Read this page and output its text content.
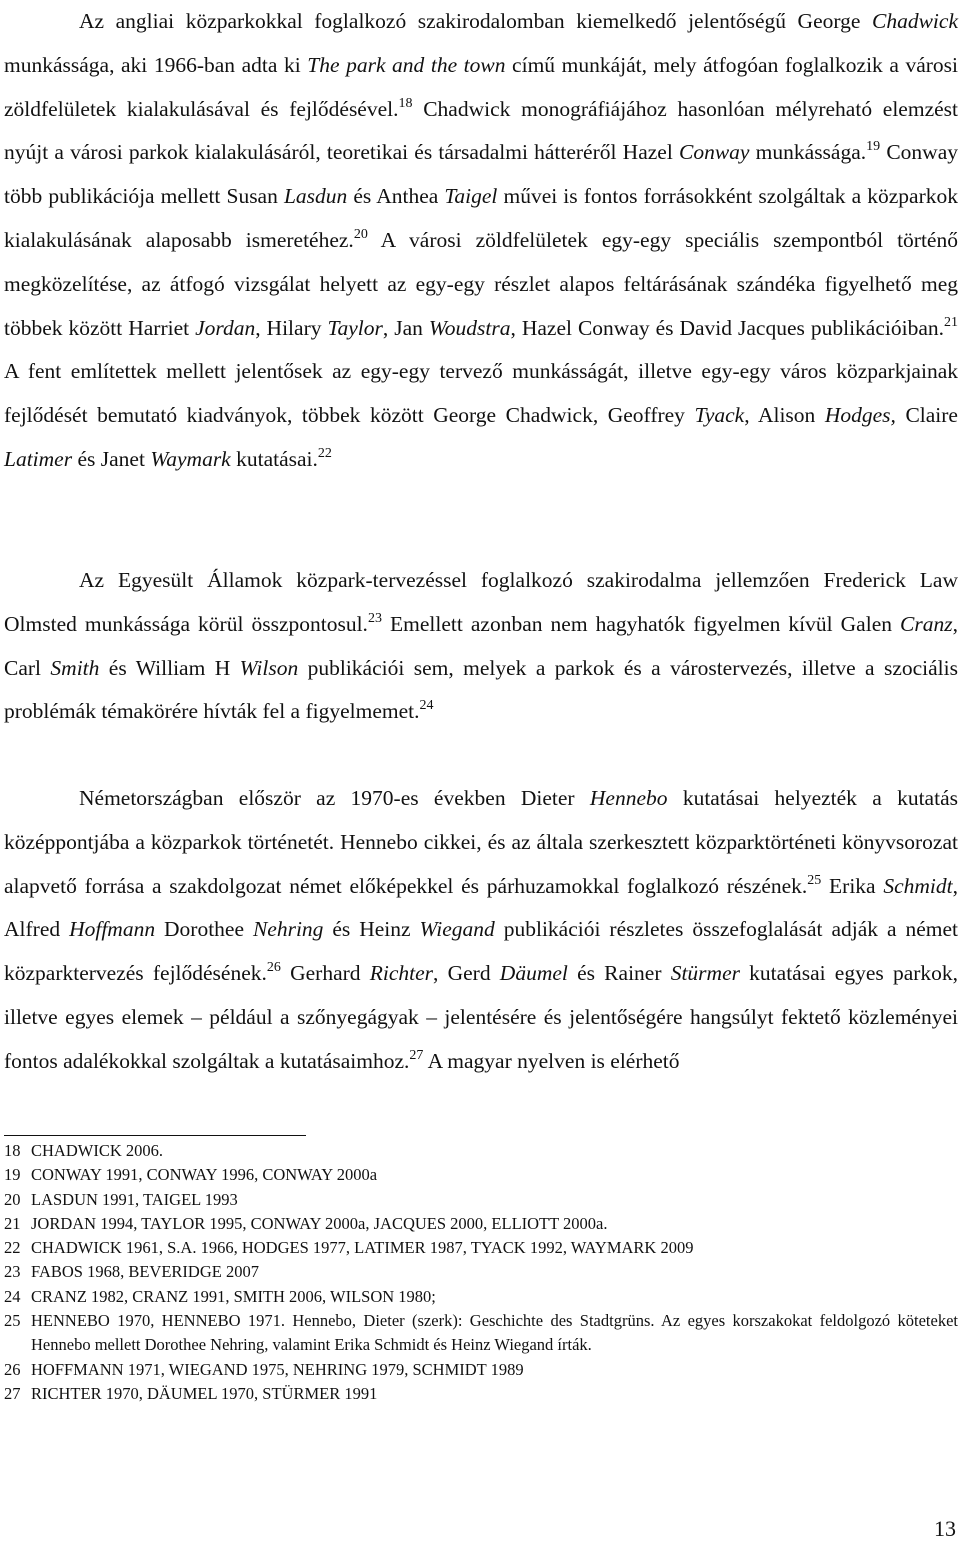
Az angliai közparkokkal foglalkozó szakirodalomban kiemelkedő jelentőségű George Chadwick munkássága, aki 1966-ban adta ki The park and the town című munkáját, mely átfogóan foglalkozik a városi zöldfelületek kialakulásával és fejlődésével.$^{18}$ Chadwick monográfiájához hasonlóan mélyreható elemzést nyújt a városi parkok kialakulásáról, teoretikai és társadalmi hátteréről Hazel Conway munkássága.$^{19}$ Conway több publikációja mellett Susan Lasdun és Anthea Taigel művei is fontos forrásokként szolgáltak a közparkok kialakulásának alaposabb ismeretéhez.$^{20}$ A városi zöldfelületek egy-egy speciális szempontból történő megközelítése, az átfogó vizsgálat helyett az egy-egy részlet alapos feltárásának szándéka figyelhető meg többek között Harriet Jordan, Hilary Taylor, Jan Woudstra, Hazel Conway és David Jacques publikációiban.$^{21}$ A fent említettek mellett jelentősek az egy-egy tervező munkásságát, illetve egy-egy város közparkjainak fejlődését bemutató kiadványok, többek között George Chadwick, Geoffrey Tyack, Alison Hodges, Claire Latimer és Janet Waymark kutatásai.$^{22}$

Az Egyesült Államok közpark-tervezéssel foglalkozó szakirodalma jellemzően Frederick Law Olmsted munkássága körül összpontosul.$^{23}$ Emellett azonban nem hagyhatók figyelmen kívül Galen Cranz, Carl Smith és William H Wilson publikációi sem, melyek a parkok és a várostervezés, illetve a szociális problémák témakörére hívták fel a figyelmemet.$^{24}$

Németországban először az 1970-es években Dieter Hennebo kutatásai helyezték a kutatás középpontjába a közparkok történetét. Hennebo cikkei, és az általa szerkesztett közparktörténeti könyvsorozat alapvető forrása a szakdolgozat német előképekkel és párhuzamokkal foglalkozó részének.$^{25}$ Erika Schmidt, Alfred Hoffmann Dorothee Nehring és Heinz Wiegand publikációi részletes összefoglalását adják a német közparktervezés fejlődésének.$^{26}$ Gerhard Richter, Gerd Däumel és Rainer Stürmer kutatásai egyes parkok, illetve egyes elemek – például a szőnyegágyak – jelentésére és jelentőségére hangsúlyt fektető közleményei fontos adalékokkal szolgáltak a kutatásaimhoz.$^{27}$ A magyar nyelven is elérhető

18 CHADWICK 2006.
19 CONWAY 1991, CONWAY 1996, CONWAY 2000a
20 LASDUN 1991, TAIGEL 1993
21 JORDAN 1994, TAYLOR 1995, CONWAY 2000a, JACQUES 2000, ELLIOTT 2000a.
22 CHADWICK 1961, S.A. 1966, HODGES 1977, LATIMER 1987, TYACK 1992, WAYMARK 2009
23 FABOS 1968, BEVERIDGE 2007
24 CRANZ 1982, CRANZ 1991, SMITH 2006, WILSON 1980;
25 HENNEBO 1970, HENNEBO 1971. Hennebo, Dieter (szerk): Geschichte des Stadtgrüns. Az egyes korszakokat feldolgozó köteteket Hennebo mellett Dorothee Nehring, valamint Erika Schmidt és Heinz Wiegand írták.
26 HOFFMANN 1971, WIEGAND 1975, NEHRING 1979, SCHMIDT 1989
27 RICHTER 1970, DÄUMEL 1970, STÜRMER 1991
13
